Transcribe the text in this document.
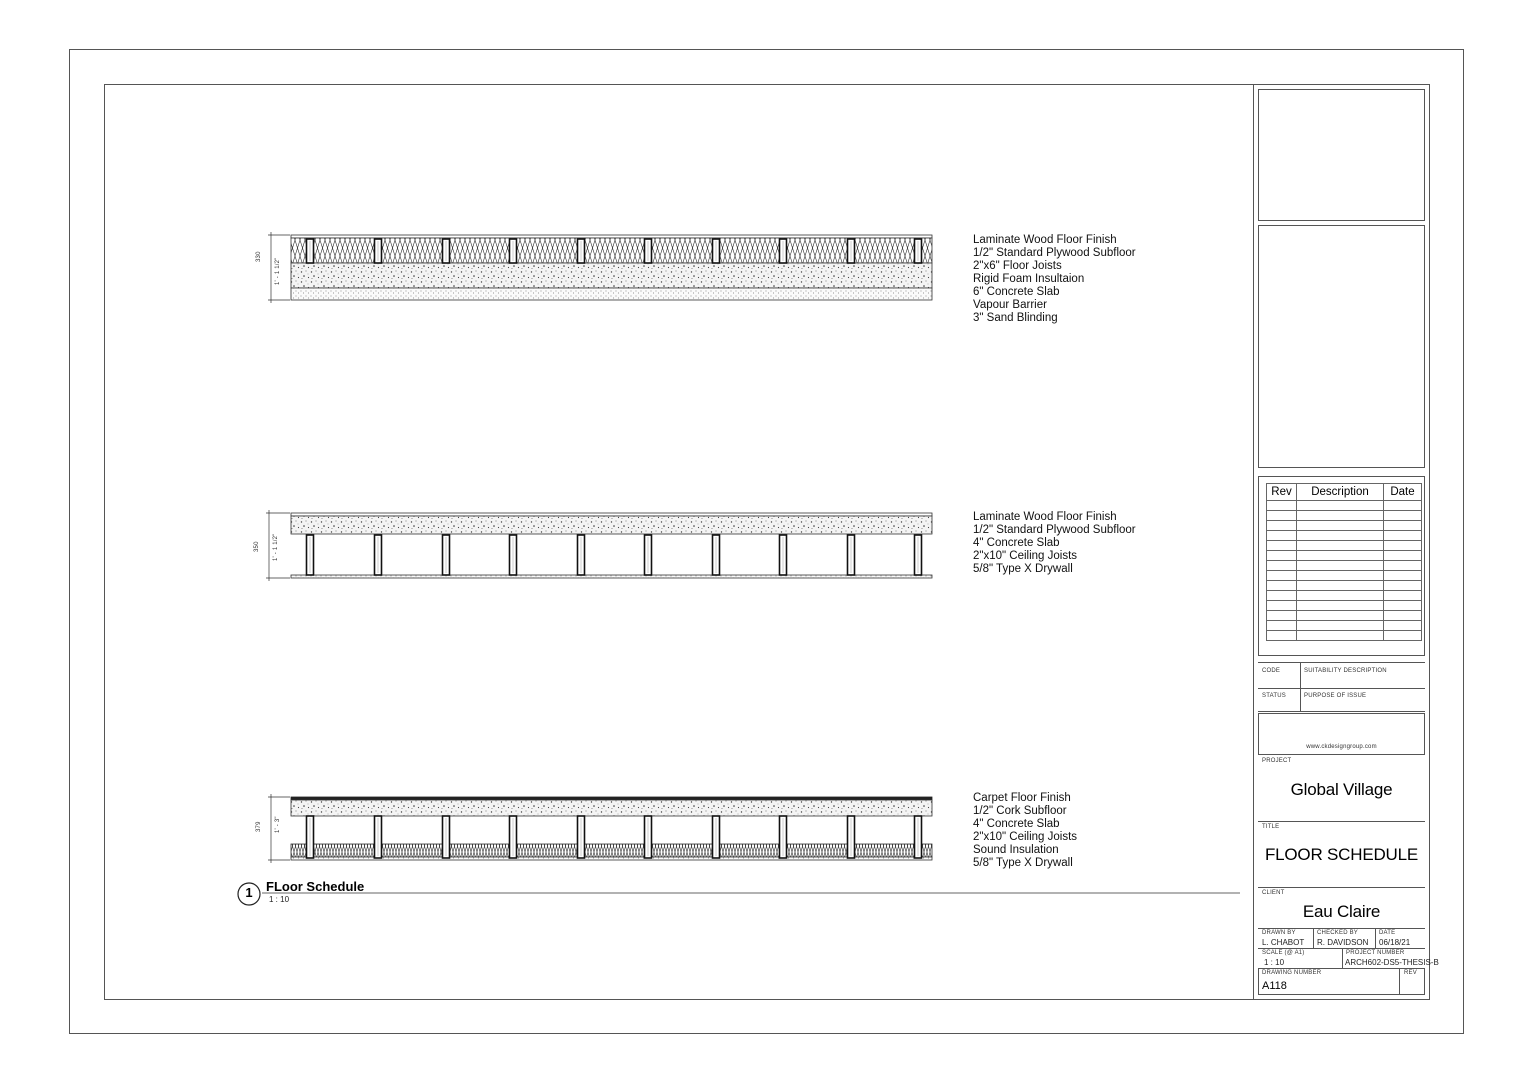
330
1' - 1 1/2"
350 1' - 1 1/2"
379 1' - 3"
Laminate Wood Floor Finish
1/2" Standard Plywood Subfloor
2"x6" Floor Joists
Rigid Foam Insultaion
6" Concrete Slab
Vapour Barrier
3" Sand Blinding
Laminate Wood Floor Finish
1/2" Standard Plywood Subfloor
4" Concrete Slab
2"x10" Ceiling Joists
5/8" Type X Drywall
Carpet Floor Finish
1/2" Cork Subfloor
4" Concrete Slab
2"x10" Ceiling Joists
Sound Insulation
5/8" Type X Drywall
1	FLoor Schedule
1 : 10
Rev	Description	Date

CODE	SUITABILITY DESCRIPTION
STATUS	PURPOSE OF ISSUE
www.ckdesigngroup.com
PROJECT
Global Village
TITLE
FLOOR SCHEDULE
CLIENT
Eau Claire
DRAWN BY
L. CHABOT
CHECKED BY
R. DAVIDSON
DATE
06/18/21
SCALE (@ A1)
1 : 10
PROJECT NUMBER
ARCH602-DS5-THESIS-B
DRAWING NUMBER
A118
REV
